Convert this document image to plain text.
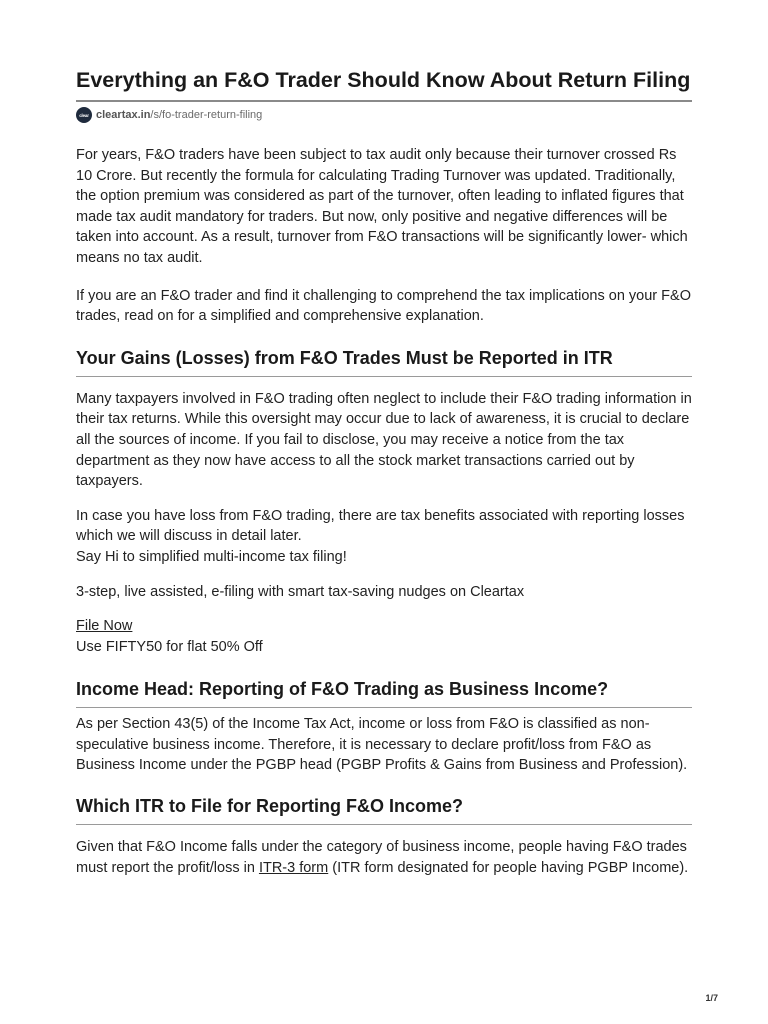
Everything an F&O Trader Should Know About Return Filing
clear cleartax.in/s/fo-trader-return-filing

For years, F&O traders have been subject to tax audit only because their turnover crossed Rs 10 Crore. But recently the formula for calculating Trading Turnover was updated. Traditionally, the option premium was considered as part of the turnover, often leading to inflated figures that made tax audit mandatory for traders. But now, only positive and negative differences will be taken into account. As a result, turnover from F&O transactions will be significantly lower- which means no tax audit.

If you are an F&O trader and find it challenging to comprehend the tax implications on your F&O trades, read on for a simplified and comprehensive explanation.

Your Gains (Losses) from F&O Trades Must be Reported in ITR

Many taxpayers involved in F&O trading often neglect to include their F&O trading information in their tax returns. While this oversight may occur due to lack of awareness, it is crucial to declare all the sources of income. If you fail to disclose, you may receive a notice from the tax department as they now have access to all the stock market transactions carried out by taxpayers.

In case you have loss from F&O trading, there are tax benefits associated with reporting losses which we will discuss in detail later.

Say Hi to simplified multi-income tax filing!

3-step, live assisted, e-filing with smart tax-saving nudges on Cleartax

File Now

Use FIFTY50 for flat 50% Off

Income Head: Reporting of F&O Trading as Business Income?

As per Section 43(5) of the Income Tax Act, income or loss from F&O is classified as non-speculative business income. Therefore, it is necessary to declare profit/loss from F&O as Business Income under the PGBP head (PGBP Profits & Gains from Business and Profession).

Which ITR to File for Reporting F&O Income?

Given that F&O Income falls under the category of business income, people having F&O trades must report the profit/loss in ITR-3 form (ITR form designated for people having PGBP Income).

1/7
